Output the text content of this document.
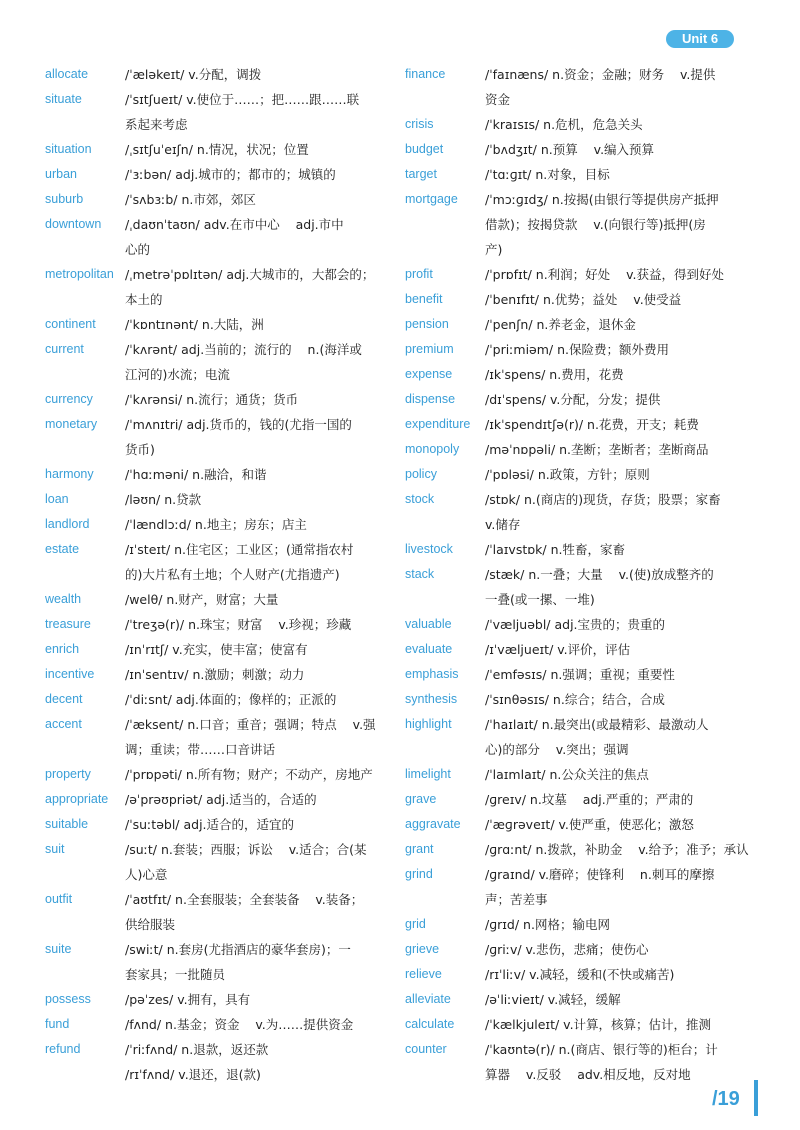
Unit 6
allocate	/ˈæləkeɪt/ v.分配，调拨
situate	/ˈsɪtʃueɪt/ v.使位于……；把……跟……联
系起来考虑
situation	/ˌsɪtʃuˈeɪʃn/ n.情况，状况；位置
urban	/ˈɜːbən/ adj.城市的；都市的；城镇的
suburb	/ˈsʌbɜːb/ n.市郊，郊区
downtown	/ˌdaʊnˈtaʊn/ adv.在市中心    adj.市中
心的
metropolitan /ˌmetrəˈpɒlɪtən/ adj.大城市的，大都会的；
本土的
continent	/ˈkɒntɪnənt/ n.大陆，洲
current	/ˈkʌrənt/ adj.当前的；流行的    n.(海洋或
江河的)水流；电流
currency	/ˈkʌrənsi/ n.流行；通货；货币
monetary	/ˈmʌnɪtri/ adj.货币的，钱的(尤指一国的
货币)
harmony	/ˈhɑːməni/ n.融洽，和谐
loan	/ləʊn/ n.贷款
landlord	/ˈlændlɔːd/ n.地主；房东；店主
estate	/ɪˈsteɪt/ n.住宅区；工业区；(通常指农村
的)大片私有土地；个人财产(尤指遗产)
wealth	/welθ/ n.财产，财富；大量
treasure	/ˈtreʒə(r)/ n.珠宝；财富    v.珍视；珍藏
enrich	/ɪnˈrɪtʃ/ v.充实，使丰富；使富有
incentive	/ɪnˈsentɪv/ n.激励；刺激；动力
decent	/ˈdiːsnt/ adj.体面的；像样的；正派的
accent	/ˈæksent/ n.口音；重音；强调；特点    v.强
调；重读；带……口音讲话
property	/ˈprɒpəti/ n.所有物；财产；不动产，房地产
appropriate	/əˈprəʊpriət/ adj.适当的，合适的
suitable	/ˈsuːtəbl/ adj.适合的，适宜的
suit	/suːt/ n.套装；西服；诉讼    v.适合；合(某
人)心意
outfit	/ˈaʊtfɪt/ n.全套服装；全套装备    v.装备；
供给服装
suite	/swiːt/ n.套房(尤指酒店的豪华套房)；一
套家具；一批随员
possess	/pəˈzes/ v.拥有，具有
fund	/fʌnd/ n.基金；资金    v.为……提供资金
refund	/ˈriːfʌnd/ n.退款，返还款
/rɪˈfʌnd/ v.退还，退(款)
finance	/ˈfaɪnæns/ n.资金；金融；财务    v.提供
资金
crisis	/ˈkraɪsɪs/ n.危机，危急关头
budget	/ˈbʌdʒɪt/ n.预算    v.编入预算
target	/ˈtɑːɡɪt/ n.对象，目标
mortgage	/ˈmɔːɡɪdʒ/ n.按揭(由银行等提供房产抵押
借款)；按揭贷款    v.(向银行等)抵押(房
产)
profit	/ˈprɒfɪt/ n.利润；好处    v.获益，得到好处
benefit	/ˈbenɪfɪt/ n.优势；益处    v.使受益
pension	/ˈpenʃn/ n.养老金，退休金
premium	/ˈpriːmiəm/ n.保险费；额外费用
expense	/ɪkˈspens/ n.费用，花费
dispense	/dɪˈspens/ v.分配，分发；提供
expenditure	/ɪkˈspendɪtʃə(r)/ n.花费，开支；耗费
monopoly	/məˈnɒpəli/ n.垄断；垄断者；垄断商品
policy	/ˈpɒləsi/ n.政策，方针；原则
stock	/stɒk/ n.(商店的)现货，存货；股票；家畜
v.储存
livestock	/ˈlaɪvstɒk/ n.牲畜，家畜
stack	/stæk/ n.一叠；大量    v.(使)放成整齐的
一叠(或一摞、一堆)
valuable	/ˈvæljuəbl/ adj.宝贵的；贵重的
evaluate	/ɪˈvæljueɪt/ v.评价，评估
emphasis	/ˈemfəsɪs/ n.强调；重视；重要性
synthesis	/ˈsɪnθəsɪs/ n.综合；结合，合成
highlight	/ˈhaɪlaɪt/ n.最突出(或最精彩、最激动人
心)的部分    v.突出；强调
limelight	/ˈlaɪmlaɪt/ n.公众关注的焦点
grave	/ɡreɪv/ n.坟墓    adj.严重的；严肃的
aggravate	/ˈæɡrəveɪt/ v.使严重，使恶化；激怒
grant	/ɡrɑːnt/ n.拨款，补助金    v.给予；准予；承认
grind	/ɡraɪnd/ v.磨碎；使锋利    n.刺耳的摩擦
声；苦差事
grid	/ɡrɪd/ n.网格；输电网
grieve	/ɡriːv/ v.悲伤，悲痛；使伤心
relieve	/rɪˈliːv/ v.减轻，缓和(不快或痛苦)
alleviate	/əˈliːvieɪt/ v.减轻，缓解
calculate	/ˈkælkjuleɪt/ v.计算，核算；估计，推测
counter	/ˈkaʊntə(r)/ n.(商店、银行等的)柜台；计
算器    v.反驳    adv.相反地，反对地
/19
